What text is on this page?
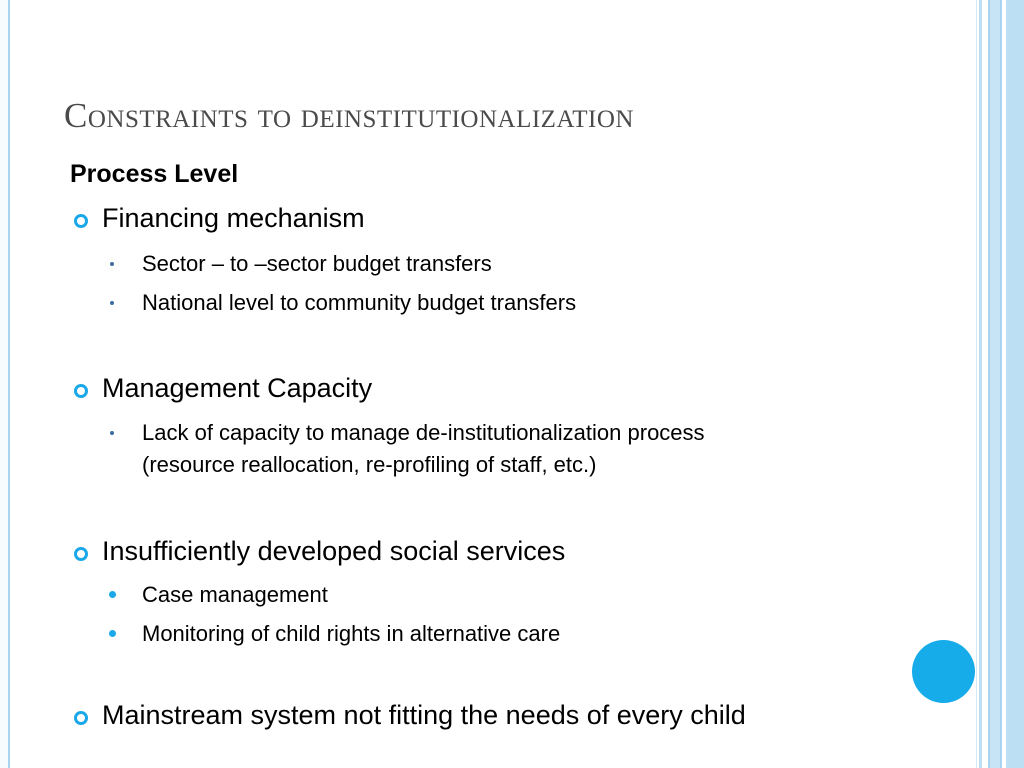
Constraints to deinstitutionalization
Process Level
Financing mechanism
Sector – to –sector budget transfers
National level to community budget transfers
Management Capacity
Lack of capacity to manage de-institutionalization process
(resource reallocation, re-profiling of staff, etc.)
Insufficiently developed social services
Case management
Monitoring of child rights in alternative care
Mainstream system not fitting the needs of every child
